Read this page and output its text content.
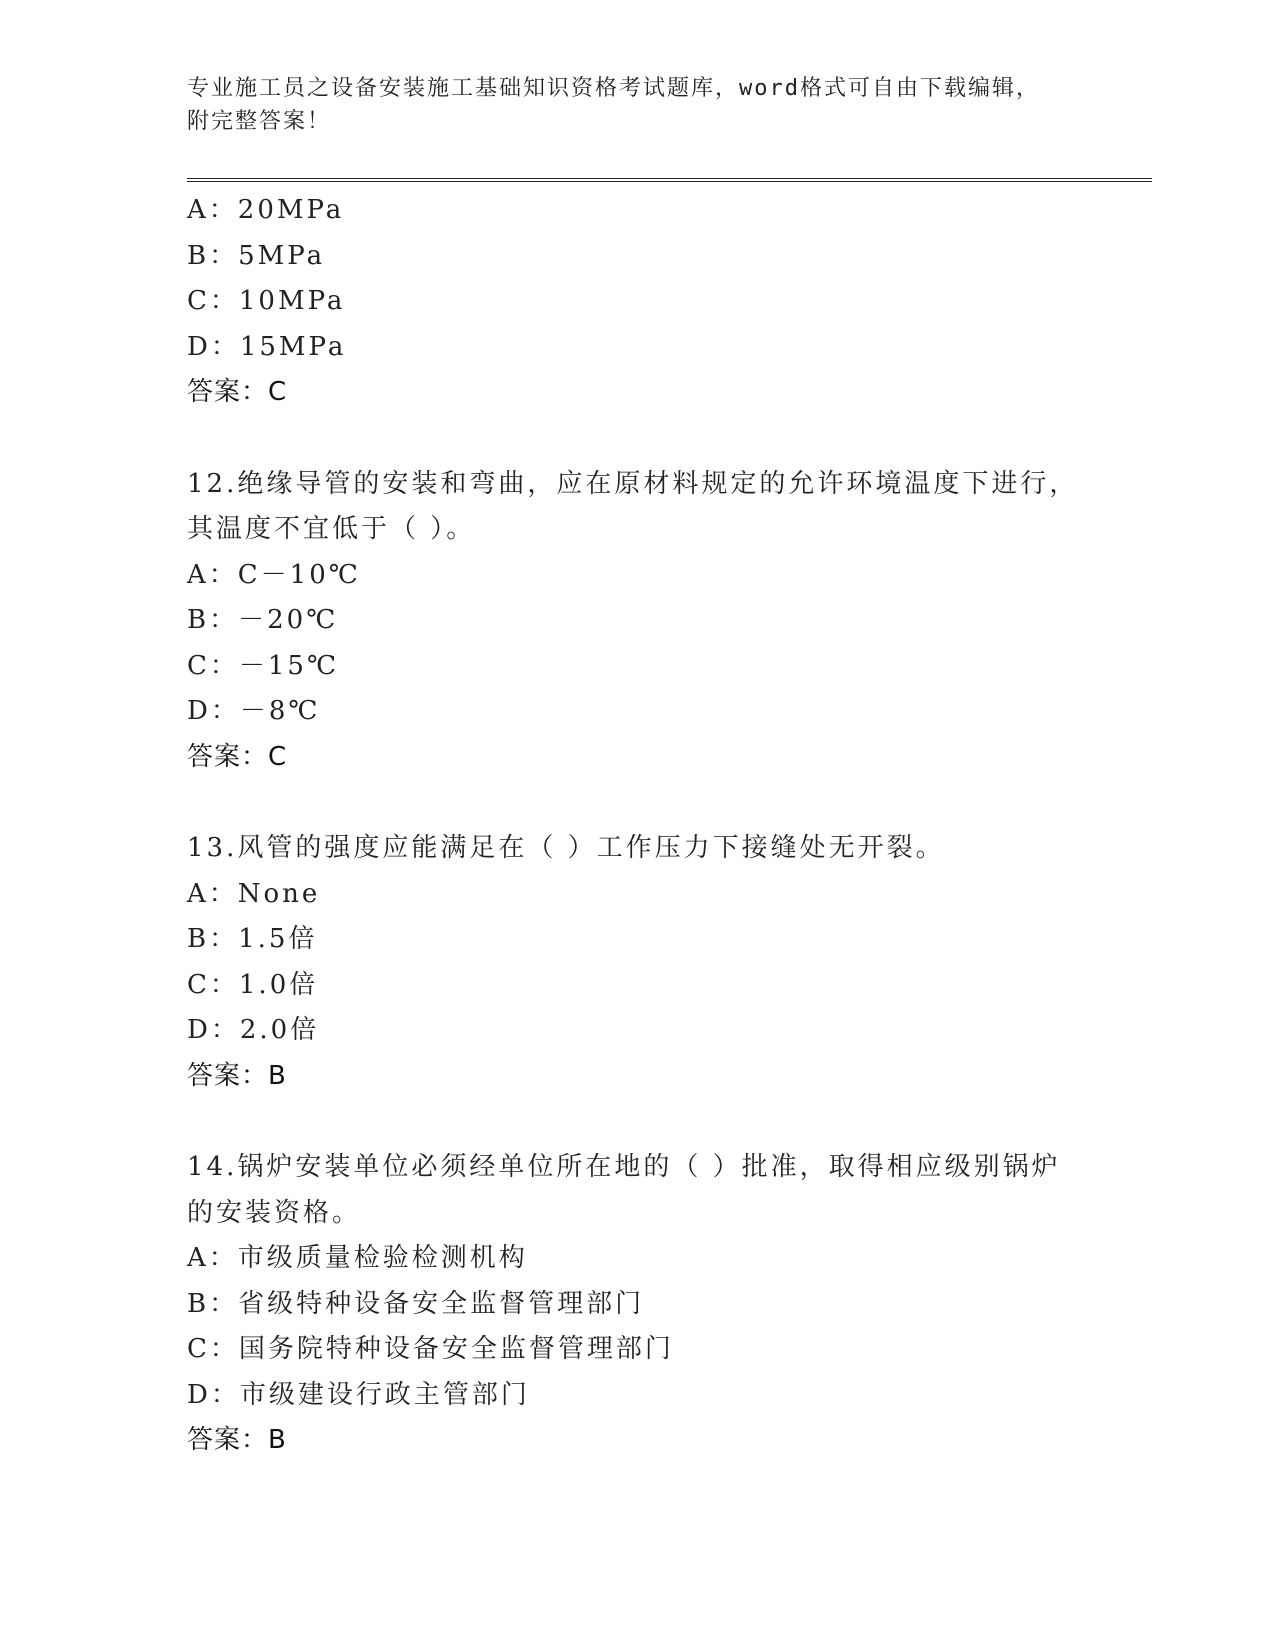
专业施工员之设备安装施工基础知识资格考试题库，word格式可自由下载编辑，
附完整答案！
A：20MPa
B：5MPa
C：10MPa
D：15MPa
答案：C
12.绝缘导管的安装和弯曲，应在原材料规定的允许环境温度下进行，
其温度不宜低于（ ）。
A：C－10℃
B：－20℃
C：－15℃
D：－8℃
答案：C
13.风管的强度应能满足在（ ）工作压力下接缝处无开裂。
A：None
B：1.5倍
C：1.0倍
D：2.0倍
答案：B
14.锅炉安装单位必须经单位所在地的（ ）批准，取得相应级别锅炉
的安装资格。
A：市级质量检验检测机构
B：省级特种设备安全监督管理部门
C：国务院特种设备安全监督管理部门
D：市级建设行政主管部门
答案：B
